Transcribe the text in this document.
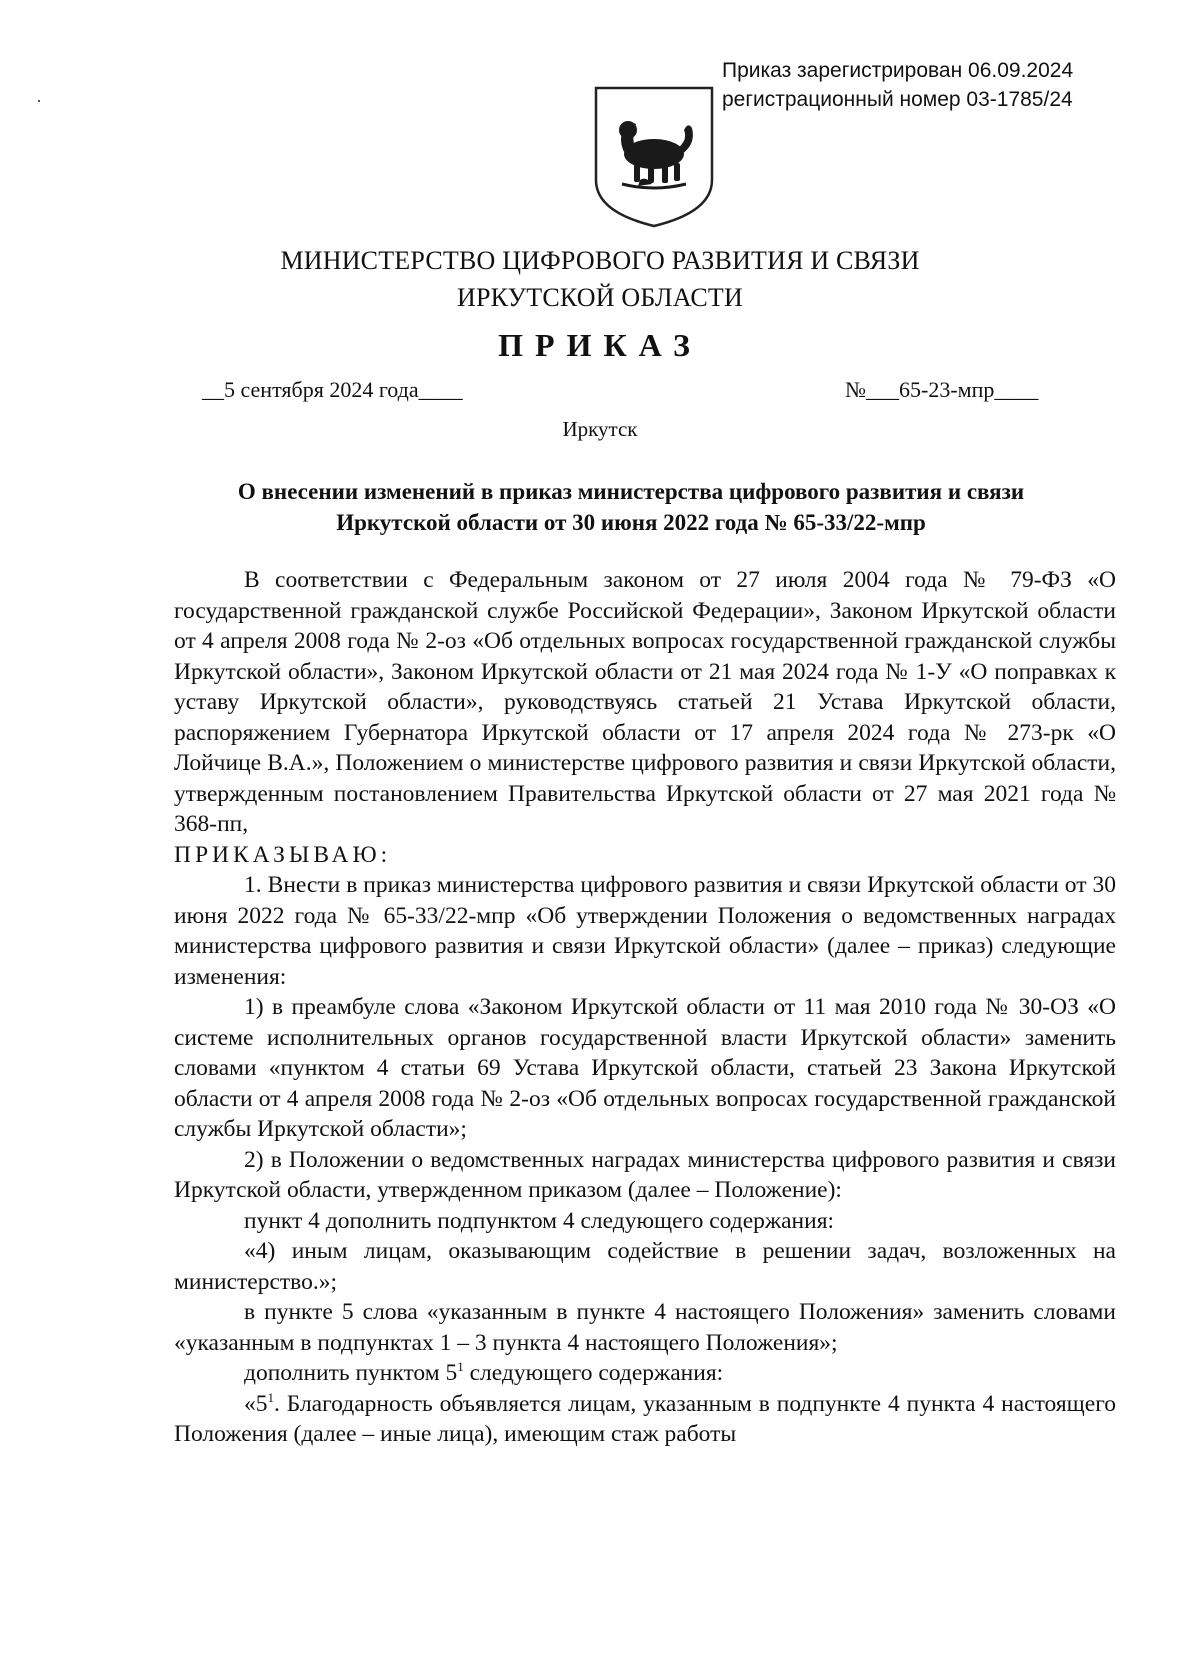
Приказ зарегистрирован 06.09.2024
регистрационный номер 03-1785/24
МИНИСТЕРСТВО ЦИФРОВОГО РАЗВИТИЯ И СВЯЗИ
ИРКУТСКОЙ ОБЛАСТИ
ПРИКАЗ
__5 сентября 2024 года____	№___65-23-мпр____
Иркутск
О внесении изменений в приказ министерства цифрового развития и связи
Иркутской области от 30 июня 2022 года № 65-33/22-мпр

В соответствии с Федеральным законом от 27 июля 2004 года № 79-ФЗ «О государственной гражданской службе Российской Федерации», Законом Иркутской области от 4 апреля 2008 года № 2-оз «Об отдельных вопросах государственной гражданской службы Иркутской области», Законом Иркутской области от 21 мая 2024 года № 1-У «О поправках к уставу Иркутской области», руководствуясь статьей 21 Устава Иркутской области, распоряжением Губернатора Иркутской области от 17 апреля 2024 года № 273-рк «О Лойчице В.А.», Положением о министерстве цифрового развития и связи Иркутской области, утвержденным постановлением Правительства Иркутской области от 27 мая 2021 года № 368-пп,

ПРИКАЗЫВАЮ:

1. Внести в приказ министерства цифрового развития и связи Иркутской области от 30 июня 2022 года № 65-33/22-мпр «Об утверждении Положения о ведомственных наградах министерства цифрового развития и связи Иркутской области» (далее – приказ) следующие изменения:

1) в преамбуле слова «Законом Иркутской области от 11 мая 2010 года № 30-ОЗ «О системе исполнительных органов государственной власти Иркутской области» заменить словами «пунктом 4 статьи 69 Устава Иркутской области, статьей 23 Закона Иркутской области от 4 апреля 2008 года № 2-оз «Об отдельных вопросах государственной гражданской службы Иркутской области»;

2) в Положении о ведомственных наградах министерства цифрового развития и связи Иркутской области, утвержденном приказом (далее – Положение):

пункт 4 дополнить подпунктом 4 следующего содержания:

«4) иным лицам, оказывающим содействие в решении задач, возложенных на министерство.»;

в пункте 5 слова «указанным в пункте 4 настоящего Положения» заменить словами «указанным в подпунктах 1 – 3 пункта 4 настоящего Положения»;

дополнить пунктом $5^1$ следующего содержания:

«$5^1$. Благодарность объявляется лицам, указанным в подпункте 4 пункта 4 настоящего Положения (далее – иные лица), имеющим стаж работы
